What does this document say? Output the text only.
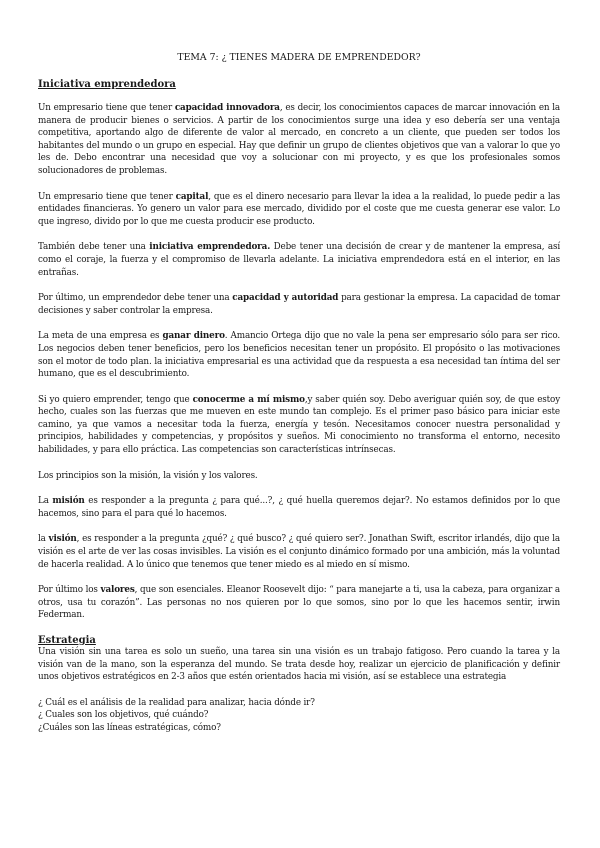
TEMA 7: ¿ TIENES MADERA DE EMPRENDEDOR?
Iniciativa emprendedora

Un empresario tiene que tener capacidad innovadora, es decir, los conocimientos capaces de marcar innovación en la manera de producir bienes o servicios. A partir de los conocimientos surge una idea y eso debería ser una ventaja competitiva, aportando algo de diferente de valor al mercado, en concreto a un cliente, que pueden ser todos los habitantes del mundo o un grupo en especial. Hay que definir un grupo de clientes objetivos que van a valorar lo que yo les de. Debo encontrar una necesidad que voy a solucionar con mi proyecto, y es que los profesionales somos solucionadores de problemas.

Un empresario tiene que tener capital, que es el dinero necesario para llevar la idea a la realidad, lo puede pedir a las entidades financieras. Yo genero un valor para ese mercado, dividido por el coste que me cuesta generar ese valor. Lo que ingreso, divido por lo que me cuesta producir ese producto.

También debe tener una iniciativa emprendedora. Debe tener una decisión de crear y de mantener la empresa, así como el coraje, la fuerza y el compromiso de llevarla adelante. La iniciativa emprendedora está en el interior, en las entrañas.

Por último, un emprendedor debe tener una capacidad y autoridad para gestionar la empresa. La capacidad de tomar decisiones y saber controlar la empresa.

La meta de una empresa es ganar dinero. Amancio Ortega dijo que no vale la pena ser empresario sólo para ser rico. Los negocios deben tener beneficios, pero los beneficios necesitan tener un propósito. El propósito o las motivaciones son el motor de todo plan. la iniciativa empresarial es una actividad que da respuesta a esa necesidad tan íntima del ser humano, que es el descubrimiento.

Si yo quiero emprender, tengo que conocerme a mí mismo,y saber quién soy. Debo averiguar quién soy, de que estoy hecho, cuales son las fuerzas que me mueven en este mundo tan complejo. Es el primer paso básico para iniciar este camino, ya que vamos a necesitar toda la fuerza, energía y tesón. Necesitamos conocer nuestra personalidad y principios, habilidades y competencias, y propósitos y sueños. Mi conocimiento no transforma el entorno, necesito habilidades, y para ello práctica. Las competencias son características intrínsecas.

Los principios son la misión, la visión y los valores.

La misión es responder a la pregunta ¿ para qué...?, ¿ qué huella queremos dejar?. No estamos definidos por lo que hacemos, sino para el para qué lo hacemos.

la visión, es responder a la pregunta ¿qué? ¿ qué busco? ¿ qué quiero ser?. Jonathan Swift, escritor irlandés, dijo que la visión es el arte de ver las cosas invisibles. La visión es el conjunto dinámico formado por una ambición, más la voluntad de hacerla realidad. A lo único que tenemos que tener miedo es al miedo en sí mismo.

Por último los valores, que son esenciales. Eleanor Roosevelt dijo: “ para manejarte a ti, usa la cabeza, para organizar a otros, usa tu corazón”. Las personas no nos quieren por lo que somos, sino por lo que les hacemos sentir, irwin Federman.

Estrategia

Una visión sin una tarea es solo un sueño, una tarea sin una visión es un trabajo fatigoso. Pero cuando la tarea y la visión van de la mano, son la esperanza del mundo. Se trata desde hoy, realizar un ejercicio de planificación y definir unos objetivos estratégicos en 2-3 años que estén orientados hacia mi visión, así se establece una estrategia

¿ Cuál es el análisis de la realidad para analizar, hacia dónde ir?

¿ Cuales son los objetivos, qué cuándo?

¿Cuáles son las líneas estratégicas, cómo?
